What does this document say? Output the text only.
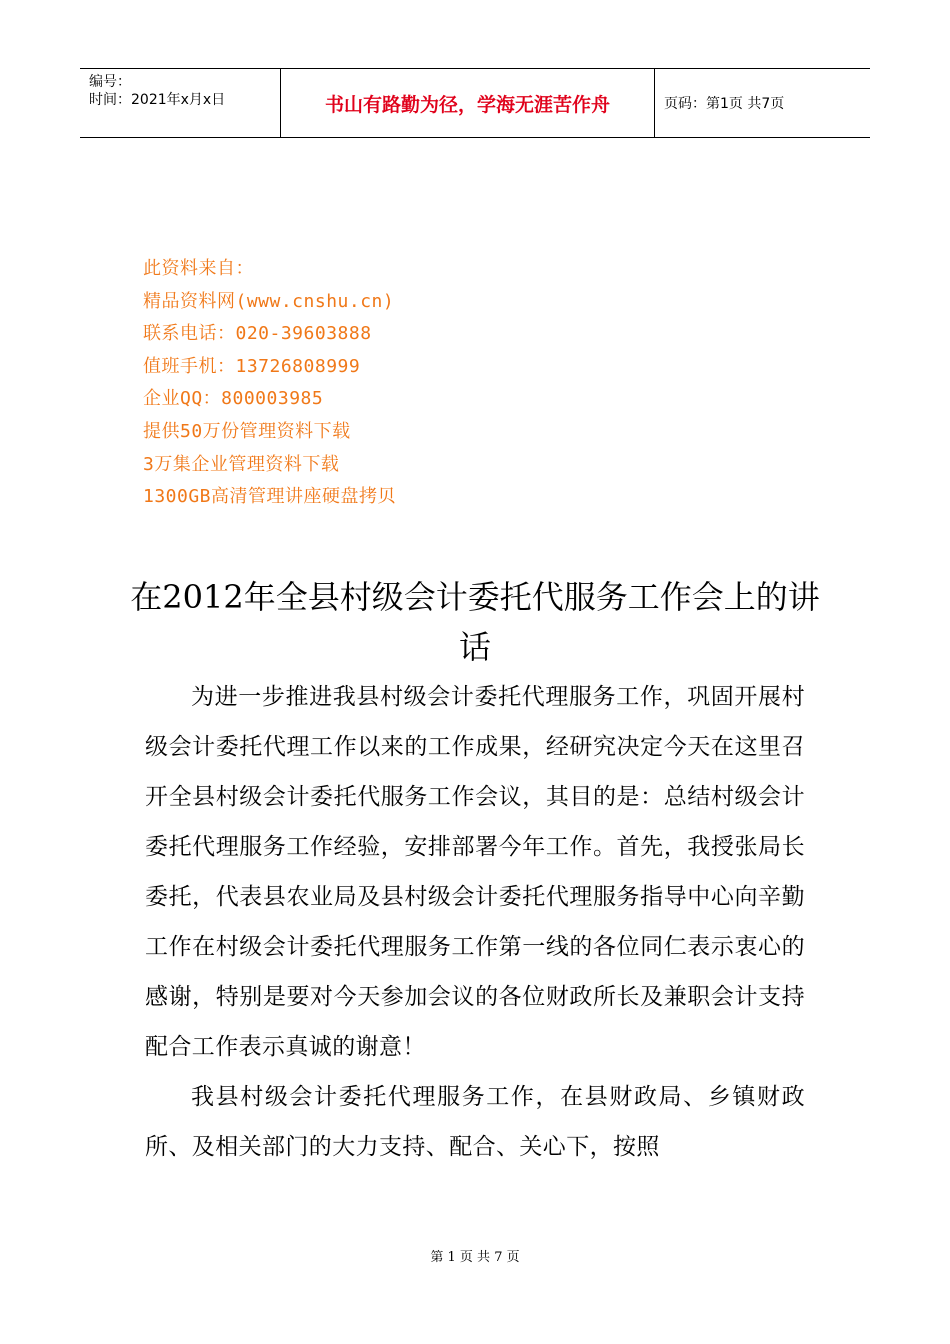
编号：
时间：2021年x月x日	书山有路勤为径，学海无涯苦作舟	页码：第1页 共7页
此资料来自：
精品资料网(www.cnshu.cn)
联系电话：020-39603888
值班手机：13726808999
企业QQ：800003985
提供50万份管理资料下载
3万集企业管理资料下载
1300GB高清管理讲座硬盘拷贝
在2012年全县村级会计委托代服务工作会上的讲话

为进一步推进我县村级会计委托代理服务工作，巩固开展村级会计委托代理工作以来的工作成果，经研究决定今天在这里召开全县村级会计委托代服务工作会议，其目的是：总结村级会计委托代理服务工作经验，安排部署今年工作。首先，我授张局长委托，代表县农业局及县村级会计委托代理服务指导中心向辛勤工作在村级会计委托代理服务工作第一线的各位同仁表示衷心的感谢，特别是要对今天参加会议的各位财政所长及兼职会计支持配合工作表示真诚的谢意！

我县村级会计委托代理服务工作，在县财政局、乡镇财政所、及相关部门的大力支持、配合、关心下，按照

第 1 页 共 7 页
